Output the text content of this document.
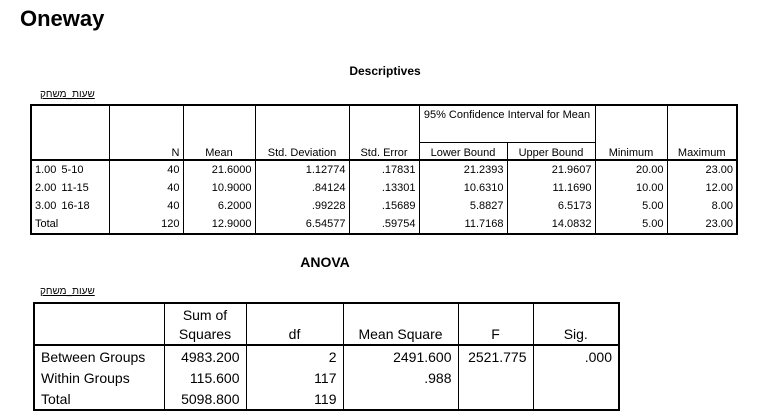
Oneway
Descriptives
שעות_משחק
					95% Confidence Interval for Mean			
	N	Mean	Std. Deviation	Std. Error	Lower Bound	Upper Bound	Minimum	Maximum
1.00 5-10	40	21.6000	1.12774	.17831	21.2393	21.9607	20.00	23.00
2.00 11-15	40	10.9000	.84124	.13301	10.6310	11.1690	10.00	12.00
3.00 16-18	40	6.2000	.99228	.15689	5.8827	6.5173	5.00	8.00
Total	120	12.9000	6.54577	.59754	11.7168	14.0832	5.00	23.00
ANOVA
שעות_משחק
	Sum of Squares	df	Mean Square	F	Sig.
Between Groups	4983.200	2	2491.600	2521.775	.000
Within Groups	115.600	117	.988		
Total	5098.800	119			
